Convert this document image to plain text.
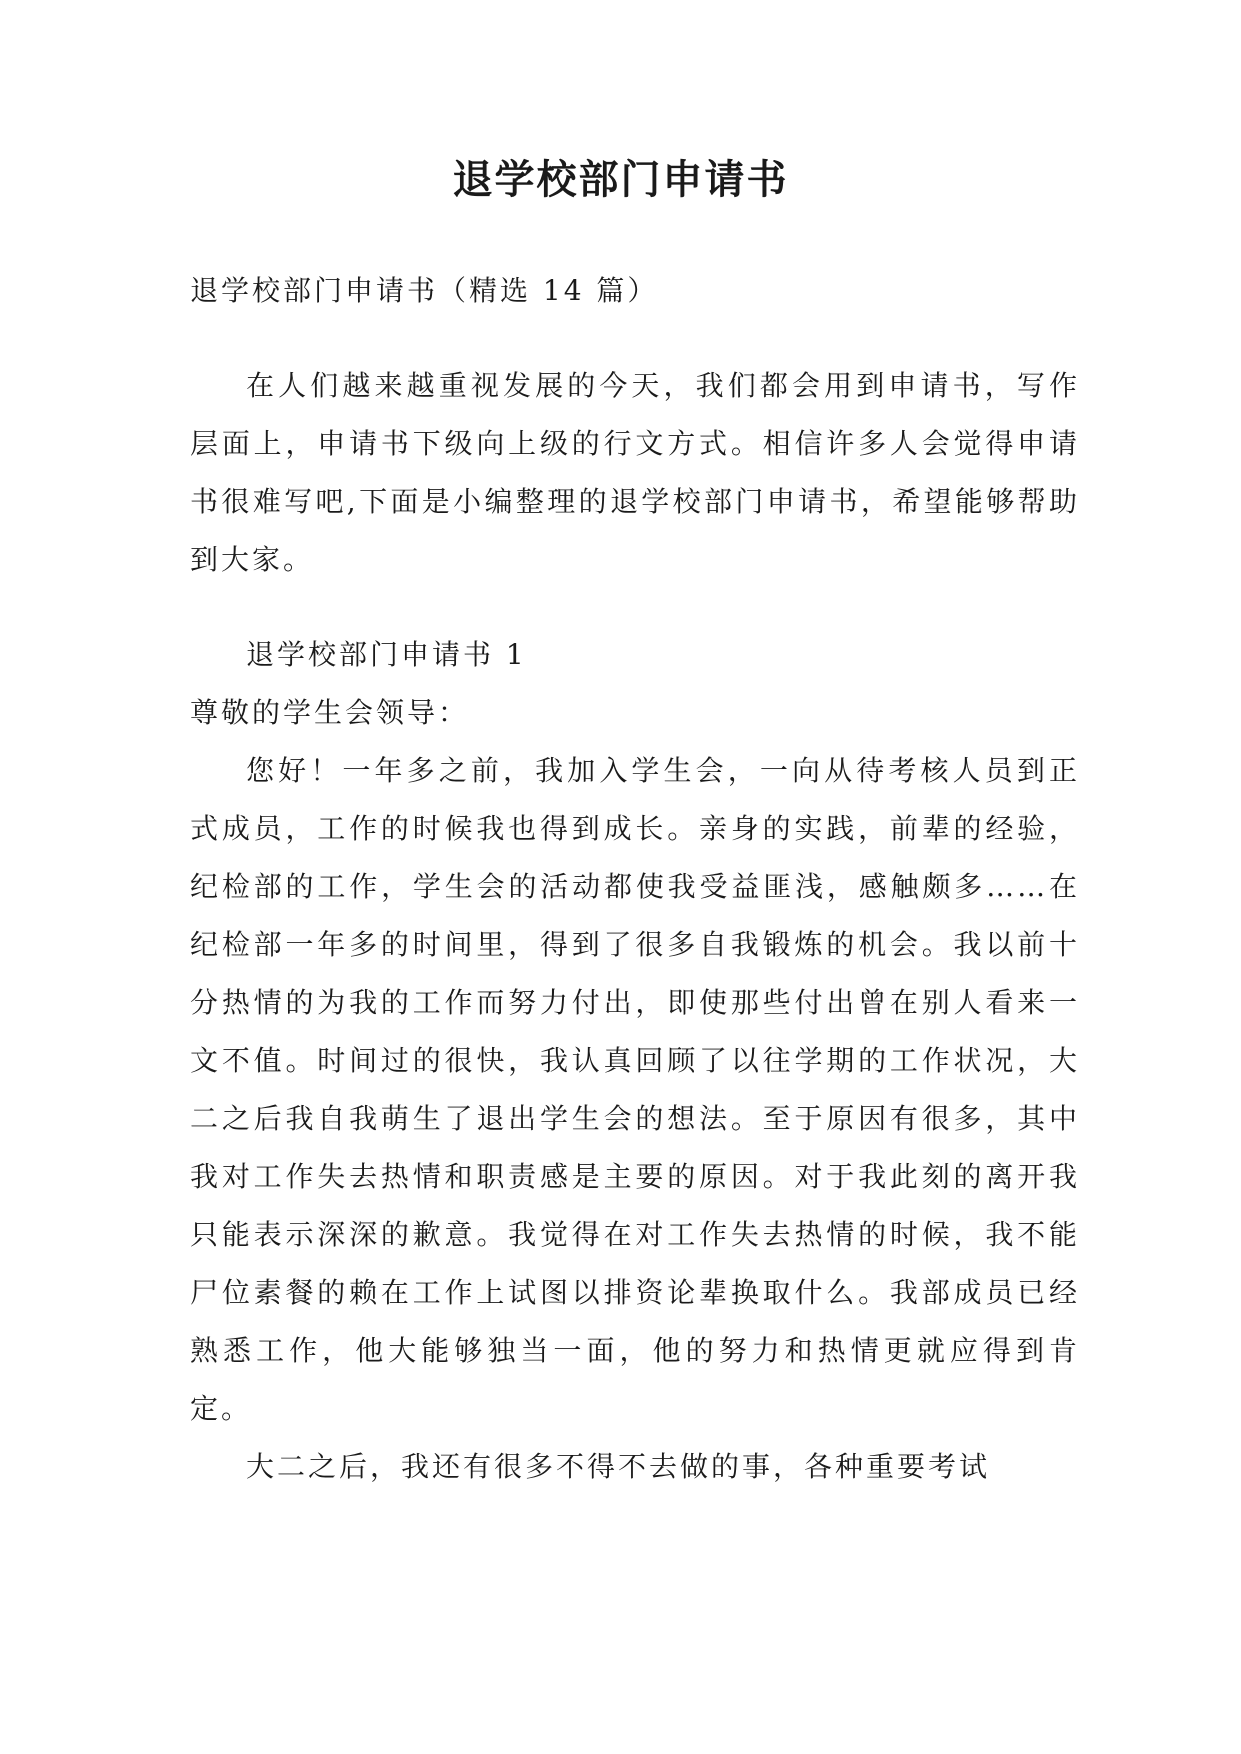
退学校部门申请书

退学校部门申请书（精选 14 篇）

在人们越来越重视发展的今天，我们都会用到申请书，写作层面上，申请书下级向上级的行文方式。相信许多人会觉得申请书很难写吧,下面是小编整理的退学校部门申请书，希望能够帮助到大家。

退学校部门申请书 1

尊敬的学生会领导：

您好！一年多之前，我加入学生会，一向从待考核人员到正式成员，工作的时候我也得到成长。亲身的实践，前辈的经验，纪检部的工作，学生会的活动都使我受益匪浅，感触颇多……在纪检部一年多的时间里，得到了很多自我锻炼的机会。我以前十分热情的为我的工作而努力付出，即使那些付出曾在别人看来一文不值。时间过的很快，我认真回顾了以往学期的工作状况，大二之后我自我萌生了退出学生会的想法。至于原因有很多，其中我对工作失去热情和职责感是主要的原因。对于我此刻的离开我只能表示深深的歉意。我觉得在对工作失去热情的时候，我不能尸位素餐的赖在工作上试图以排资论辈换取什么。我部成员已经熟悉工作，他大能够独当一面，他的努力和热情更就应得到肯定。

大二之后，我还有很多不得不去做的事，各种重要考试
